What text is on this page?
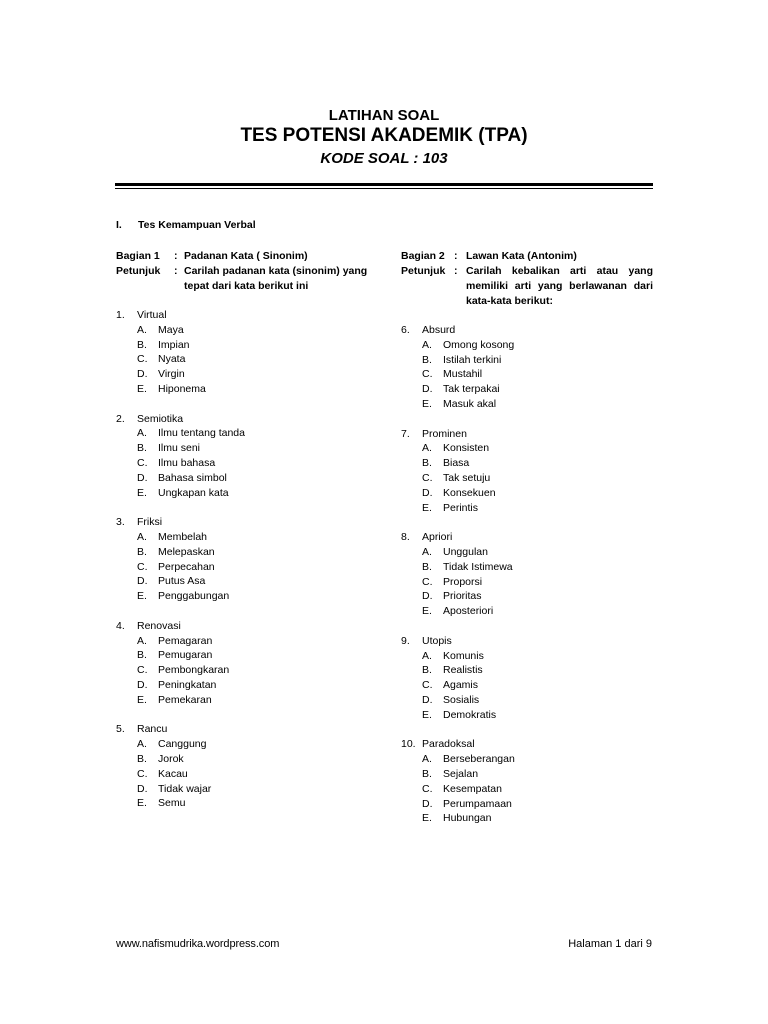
LATIHAN SOAL
TES POTENSI AKADEMIK (TPA)
KODE SOAL : 103
I. Tes Kemampuan Verbal
Bagian 1	: Padanan Kata ( Sinonim)
Petunjuk	: Carilah padanan kata (sinonim) yang tepat dari kata berikut ini
Bagian 2 : Lawan Kata (Antonim)
Petunjuk : Carilah kebalikan arti atau yang memiliki arti yang berlawanan dari kata-kata berikut:
1.	Virtual
A.	Maya
B.	Impian
C.	Nyata
D.	Virgin
E.	Hiponema
2.	Semiotika
A.	Ilmu tentang tanda
B.	Ilmu seni
C.	Ilmu bahasa
D.	Bahasa simbol
E.	Ungkapan kata
3.	Friksi
A.	Membelah
B.	Melepaskan
C.	Perpecahan
D.	Putus Asa
E.	Penggabungan
4.	Renovasi
A.	Pemagaran
B.	Pemugaran
C.	Pembongkaran
D.	Peningkatan
E.	Pemekaran
5.	Rancu
A.	Canggung
B.	Jorok
C.	Kacau
D.	Tidak wajar
E.	Semu
6.	Absurd
A.	Omong kosong
B.	Istilah terkini
C.	Mustahil
D.	Tak terpakai
E.	Masuk akal
7.	Prominen
A.	Konsisten
B.	Biasa
C.	Tak setuju
D.	Konsekuen
E.	Perintis
8.	Apriori
A.	Unggulan
B.	Tidak Istimewa
C.	Proporsi
D.	Prioritas
E.	Aposteriori
9.	Utopis
A.	Komunis
B.	Realistis
C.	Agamis
D.	Sosialis
E.	Demokratis
10. Paradoksal
A.	Berseberangan
B.	Sejalan
C.	Kesempatan
D.	Perumpamaan
E.	Hubungan
www.nafismudrika.wordpress.com	Halaman 1 dari 9
